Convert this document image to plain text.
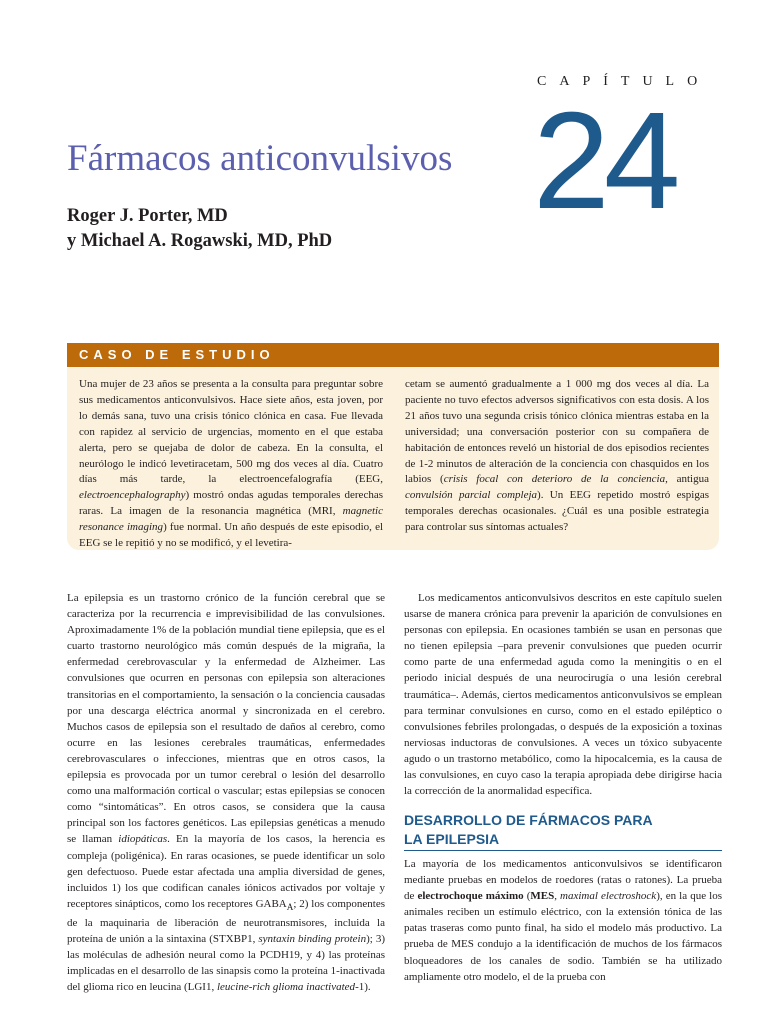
CAPÍTULO
24
Fármacos anticonvulsivos
Roger J. Porter, MD
y Michael A. Rogawski, MD, PhD
CASO DE ESTUDIO
Una mujer de 23 años se presenta a la consulta para preguntar sobre sus medicamentos anticonvulsivos. Hace siete años, esta joven, por lo demás sana, tuvo una crisis tónico clónica en casa. Fue llevada con rapidez al servicio de urgencias, momento en el que estaba alerta, pero se quejaba de dolor de cabeza. En la consulta, el neurólogo le indicó levetiracetam, 500 mg dos veces al día. Cuatro días más tarde, la electroencefalografía (EEG, electroencephalography) mostró ondas agudas temporales derechas raras. La imagen de la resonancia magnética (MRI, magnetic resonance imaging) fue normal. Un año después de este episodio, el EEG se le repitió y no se modificó, y el levetira-
cetam se aumentó gradualmente a 1 000 mg dos veces al día. La paciente no tuvo efectos adversos significativos con esta dosis. A los 21 años tuvo una segunda crisis tónico clónica mientras estaba en la universidad; una conversación posterior con su compañera de habitación de entonces reveló un historial de dos episodios recientes de 1-2 minutos de alteración de la conciencia con chasquidos en los labios (crisis focal con deterioro de la conciencia, antigua convulsión parcial compleja). Un EEG repetido mostró espigas temporales derechas ocasionales. ¿Cuál es una posible estrategia para controlar sus síntomas actuales?

La epilepsia es un trastorno crónico de la función cerebral que se caracteriza por la recurrencia e imprevisibilidad de las convulsiones. Aproximadamente 1% de la población mundial tiene epilepsia, que es el cuarto trastorno neurológico más común después de la migraña, la enfermedad cerebrovascular y la enfermedad de Alzheimer. Las convulsiones que ocurren en personas con epilepsia son alteraciones transitorias en el comportamiento, la sensación o la conciencia causadas por una descarga eléctrica anormal y sincronizada en el cerebro. Muchos casos de epilepsia son el resultado de daños al cerebro, como ocurre en las lesiones cerebrales traumáticas, enfermedades cerebrovasculares o infecciones, mientras que en otros casos, la epilepsia es provocada por un tumor cerebral o lesión del desarrollo como una malformación cortical o vascular; estas epilepsias se conocen como “sintomáticas”. En otros casos, se considera que la causa principal son los factores genéticos. Las epilepsias genéticas a menudo se llaman idiopáticas. En la mayoría de los casos, la herencia es compleja (poligénica). En raras ocasiones, se puede identificar un solo gen defectuoso. Puede estar afectada una amplia diversidad de genes, incluidos 1) los que codifican canales iónicos activados por voltaje y receptores sinápticos, como los receptores $GABA_A$; 2) los componentes de la maquinaria de liberación de neurotransmisores, incluida la proteína de unión a la sintaxina (STXBP1, syntaxin binding protein); 3) las moléculas de adhesión neural como la PCDH19, y 4) las proteínas implicadas en el desarrollo de las sinapsis como la proteína 1-inactivada del glioma rico en leucina (LGI1, leucine-rich glioma inactivated-1).

Los medicamentos anticonvulsivos descritos en este capítulo suelen usarse de manera crónica para prevenir la aparición de convulsiones en personas con epilepsia. En ocasiones también se usan en personas que no tienen epilepsia –para prevenir convulsiones que pueden ocurrir como parte de una enfermedad aguda como la meningitis o en el periodo inicial después de una neurocirugía o una lesión cerebral traumática–. Además, ciertos medicamentos anticonvulsivos se emplean para terminar convulsiones en curso, como en el estado epiléptico o convulsiones febriles prolongadas, o después de la exposición a toxinas nerviosas inductoras de convulsiones. A veces un tóxico subyacente agudo o un trastorno metabólico, como la hipocalcemia, es la causa de las convulsiones, en cuyo caso la terapia apropiada debe dirigirse hacia la corrección de la anormalidad específica.

DESARROLLO DE FÁRMACOS PARA
LA EPILEPSIA

La mayoría de los medicamentos anticonvulsivos se identificaron mediante pruebas en modelos de roedores (ratas o ratones). La prueba de electrochoque máximo (MES, maximal electroshock), en la que los animales reciben un estímulo eléctrico, con la extensión tónica de las patas traseras como punto final, ha sido el modelo más productivo. La prueba de MES condujo a la identificación de muchos de los fármacos bloqueadores de los canales de sodio. También se ha utilizado ampliamente otro modelo, el de la prueba con
